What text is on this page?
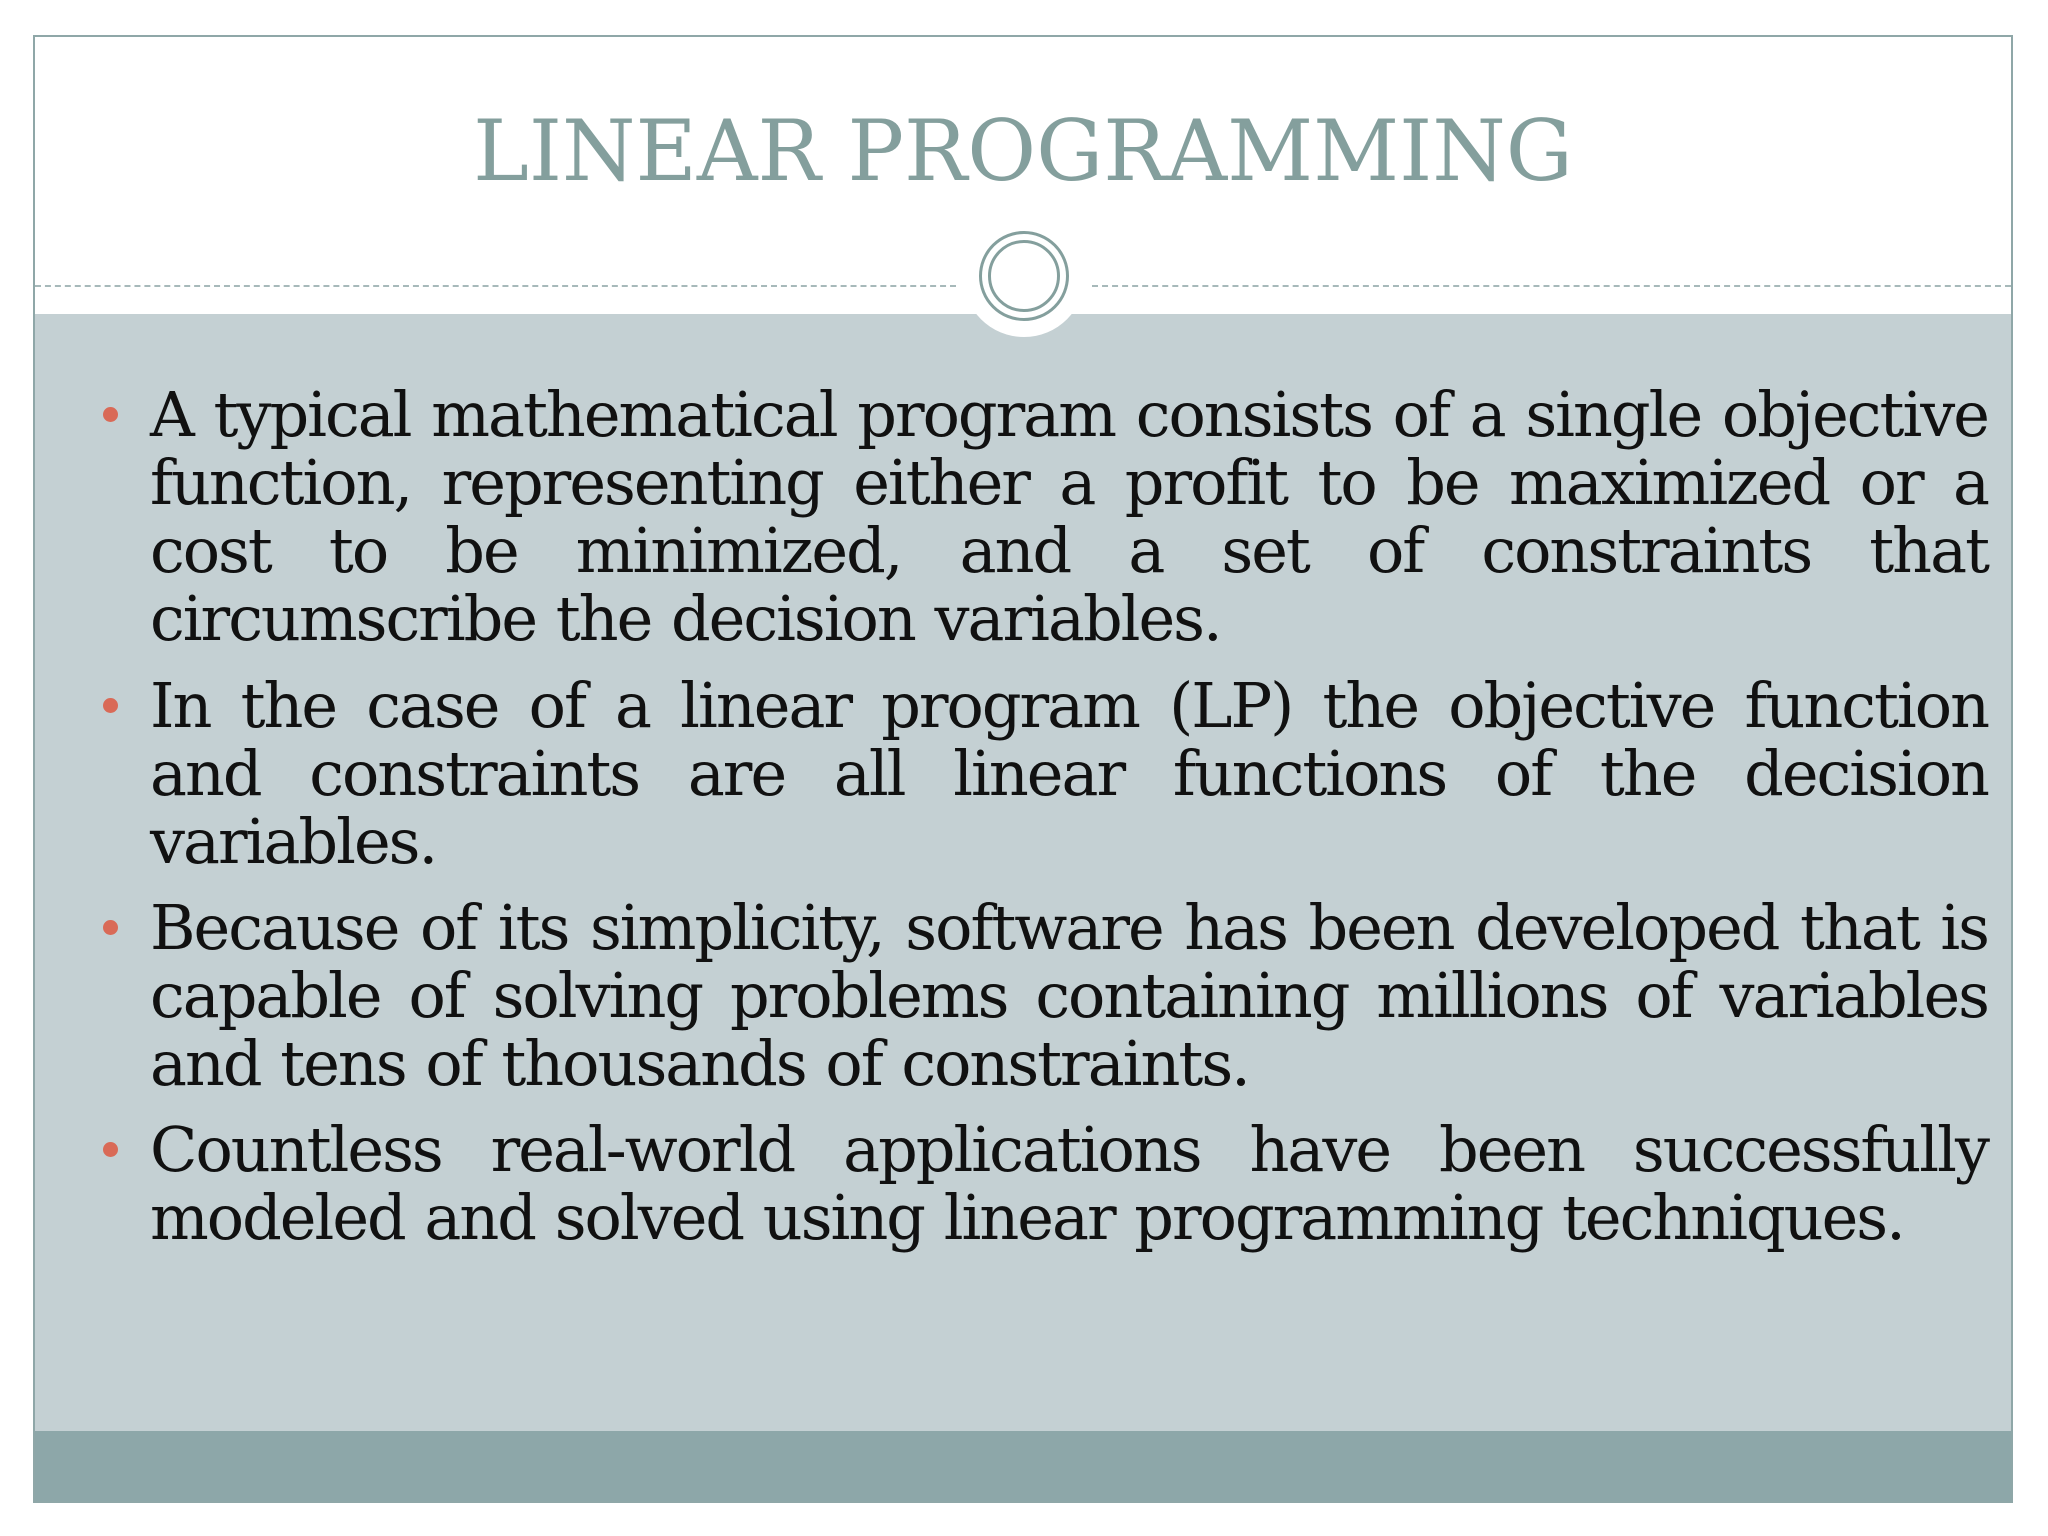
LINEAR PROGRAMMING
A typical mathematical program consists of a single objective function, representing either a profit to be maximized or a cost to be minimized, and a set of constraints that circumscribe the decision variables.
In the case of a linear program (LP) the objective function and constraints are all linear functions of the decision variables.
Because of its simplicity, software has been developed that is capable of solving problems containing millions of variables and tens of thousands of constraints.
Countless real-world applications have been successfully modeled and solved using linear programming techniques.
